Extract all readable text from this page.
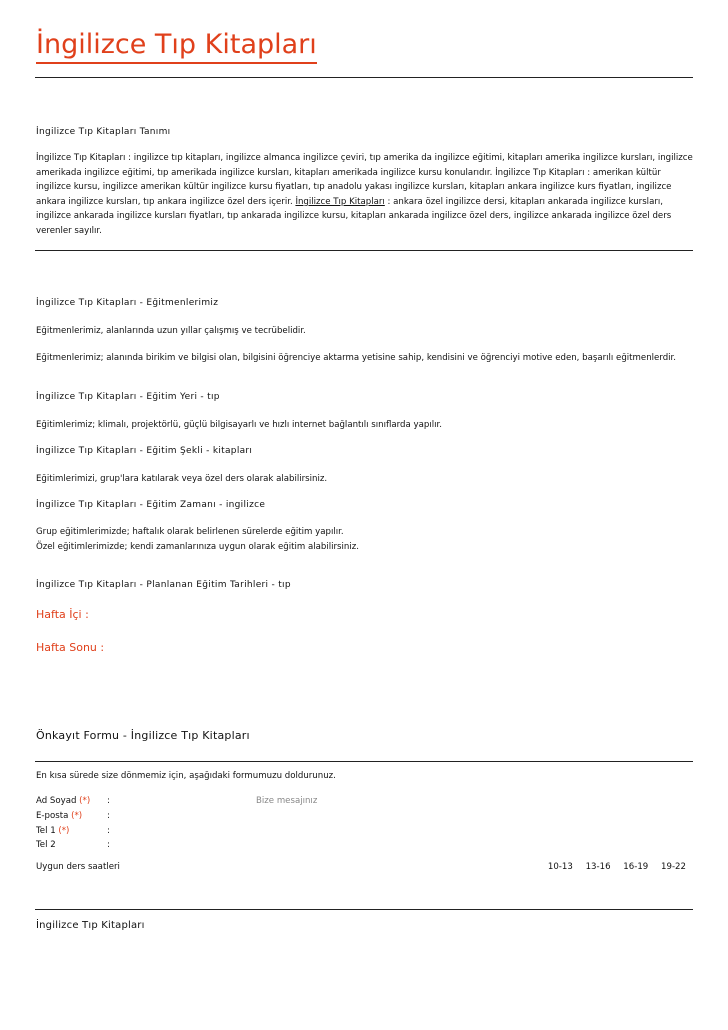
İngilizce Tıp Kitapları
İngilizce Tıp Kitapları Tanımı
İngilizce Tıp Kitapları : ingilizce tıp kitapları, ingilizce almanca ingilizce çeviri, tıp amerika da ingilizce eğitimi, kitapları amerika ingilizce kursları, ingilizce amerikada ingilizce eğitimi, tıp amerikada ingilizce kursları, kitapları amerikada ingilizce kursu konularıdır. İngilizce Tıp Kitapları : amerikan kültür ingilizce kursu, ingilizce amerikan kültür ingilizce kursu fiyatları, tıp anadolu yakası ingilizce kursları, kitapları ankara ingilizce kurs fiyatları, ingilizce ankara ingilizce kursları, tıp ankara ingilizce özel ders içerir. İngilizce Tıp Kitapları : ankara özel ingilizce dersi, kitapları ankarada ingilizce kursları, ingilizce ankarada ingilizce kursları fiyatları, tıp ankarada ingilizce kursu, kitapları ankarada ingilizce özel ders, ingilizce ankarada ingilizce özel ders verenler sayılır.
İngilizce Tıp Kitapları - Eğitmenlerimiz
Eğitmenlerimiz, alanlarında uzun yıllar çalışmış ve tecrübelidir.
Eğitmenlerimiz; alanında birikim ve bilgisi olan, bilgisini öğrenciye aktarma yetisine sahip, kendisini ve öğrenciyi motive eden, başarılı eğitmenlerdir.
İngilizce Tıp Kitapları - Eğitim Yeri - tıp
Eğitimlerimiz; klimalı, projektörlü, güçlü bilgisayarlı ve hızlı internet bağlantılı sınıflarda yapılır.
İngilizce Tıp Kitapları - Eğitim Şekli - kitapları
Eğitimlerimizi, grup'lara katılarak veya özel ders olarak alabilirsiniz.
İngilizce Tıp Kitapları - Eğitim Zamanı - ingilizce
Grup eğitimlerimizde; haftalık olarak belirlenen sürelerde eğitim yapılır.
Özel eğitimlerimizde; kendi zamanlarınıza uygun olarak eğitim alabilirsiniz.
İngilizce Tıp Kitapları - Planlanan Eğitim Tarihleri - tıp
Hafta İçi :
Hafta Sonu :
Önkayıt Formu - İngilizce Tıp Kitapları
En kısa sürede size dönmemiz için, aşağıdaki formumuzu doldurunuz.
Ad Soyad (*) :	Bize mesajınız
E-posta (*)	:
Tel 1 (*)	:
Tel 2	:
Uygun ders saatleri	10-13 13-16 16-19 19-22
İngilizce Tıp Kitapları
